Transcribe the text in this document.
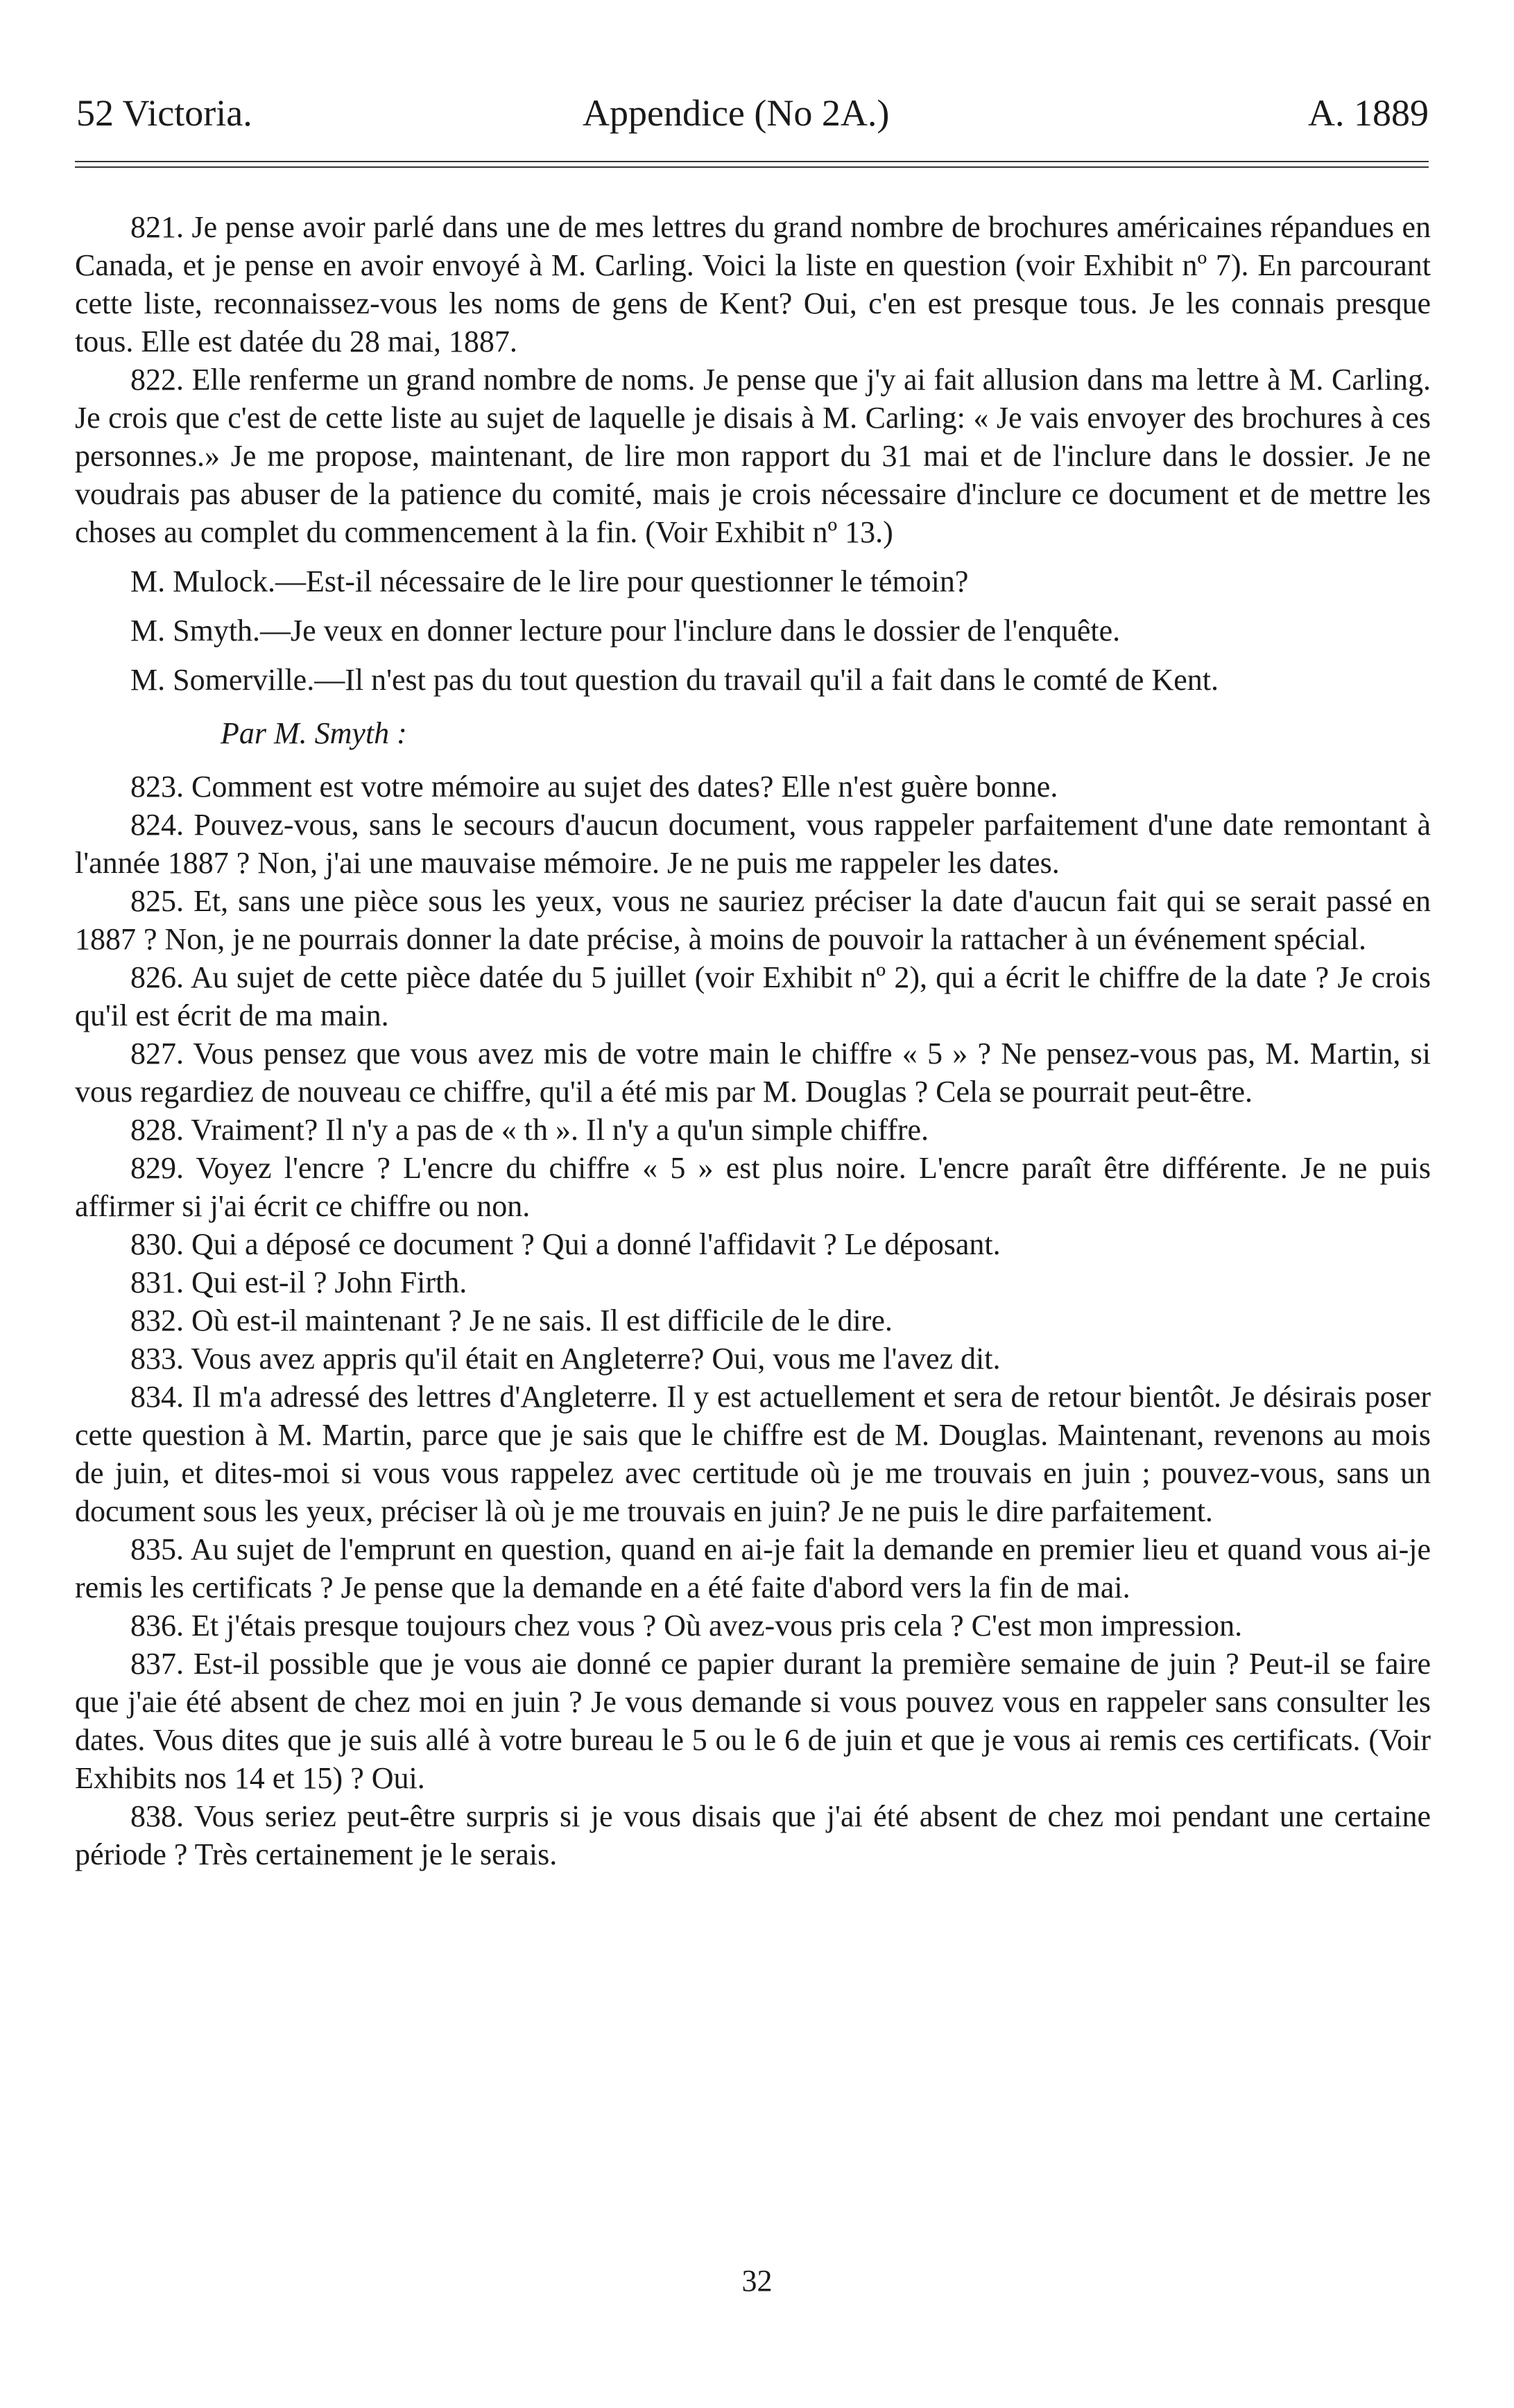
52 Victoria.	Appendice (No 2A.)	A. 1889

821. Je pense avoir parlé dans une de mes lettres du grand nombre de brochures américaines répandues en Canada, et je pense en avoir envoyé à M. Carling. Voici la liste en question (voir Exhibit nº 7). En parcourant cette liste, reconnaissez-vous les noms de gens de Kent? Oui, c'en est presque tous. Je les connais presque tous. Elle est datée du 28 mai, 1887.

822. Elle renferme un grand nombre de noms. Je pense que j'y ai fait allusion dans ma lettre à M. Carling. Je crois que c'est de cette liste au sujet de laquelle je disais à M. Carling: « Je vais envoyer des brochures à ces personnes.» Je me propose, maintenant, de lire mon rapport du 31 mai et de l'inclure dans le dossier. Je ne voudrais pas abuser de la patience du comité, mais je crois nécessaire d'inclure ce document et de mettre les choses au complet du commencement à la fin. (Voir Exhibit nº 13.)

M. Mulock.—Est-il nécessaire de le lire pour questionner le témoin?

M. Smyth.—Je veux en donner lecture pour l'inclure dans le dossier de l'enquête.

M. Somerville.—Il n'est pas du tout question du travail qu'il a fait dans le comté de Kent.

Par M. Smyth :

823. Comment est votre mémoire au sujet des dates? Elle n'est guère bonne.

824. Pouvez-vous, sans le secours d'aucun document, vous rappeler parfaitement d'une date remontant à l'année 1887 ? Non, j'ai une mauvaise mémoire. Je ne puis me rappeler les dates.

825. Et, sans une pièce sous les yeux, vous ne sauriez préciser la date d'aucun fait qui se serait passé en 1887 ? Non, je ne pourrais donner la date précise, à moins de pouvoir la rattacher à un événement spécial.

826. Au sujet de cette pièce datée du 5 juillet (voir Exhibit nº 2), qui a écrit le chiffre de la date ? Je crois qu'il est écrit de ma main.

827. Vous pensez que vous avez mis de votre main le chiffre « 5 » ? Ne pensez-vous pas, M. Martin, si vous regardiez de nouveau ce chiffre, qu'il a été mis par M. Douglas ? Cela se pourrait peut-être.

828. Vraiment? Il n'y a pas de « th ». Il n'y a qu'un simple chiffre.

829. Voyez l'encre ? L'encre du chiffre « 5 » est plus noire. L'encre paraît être différente. Je ne puis affirmer si j'ai écrit ce chiffre ou non.

830. Qui a déposé ce document ? Qui a donné l'affidavit ? Le déposant.

831. Qui est-il ? John Firth.

832. Où est-il maintenant ? Je ne sais. Il est difficile de le dire.

833. Vous avez appris qu'il était en Angleterre? Oui, vous me l'avez dit.

834. Il m'a adressé des lettres d'Angleterre. Il y est actuellement et sera de retour bientôt. Je désirais poser cette question à M. Martin, parce que je sais que le chiffre est de M. Douglas. Maintenant, revenons au mois de juin, et dites-moi si vous vous rappelez avec certitude où je me trouvais en juin ; pouvez-vous, sans un document sous les yeux, préciser là où je me trouvais en juin? Je ne puis le dire parfaitement.

835. Au sujet de l'emprunt en question, quand en ai-je fait la demande en premier lieu et quand vous ai-je remis les certificats ? Je pense que la demande en a été faite d'abord vers la fin de mai.

836. Et j'étais presque toujours chez vous ? Où avez-vous pris cela ? C'est mon impression.

837. Est-il possible que je vous aie donné ce papier durant la première semaine de juin ? Peut-il se faire que j'aie été absent de chez moi en juin ? Je vous demande si vous pouvez vous en rappeler sans consulter les dates. Vous dites que je suis allé à votre bureau le 5 ou le 6 de juin et que je vous ai remis ces certificats. (Voir Exhibits nos 14 et 15) ? Oui.

838. Vous seriez peut-être surpris si je vous disais que j'ai été absent de chez moi pendant une certaine période ? Très certainement je le serais.

32
